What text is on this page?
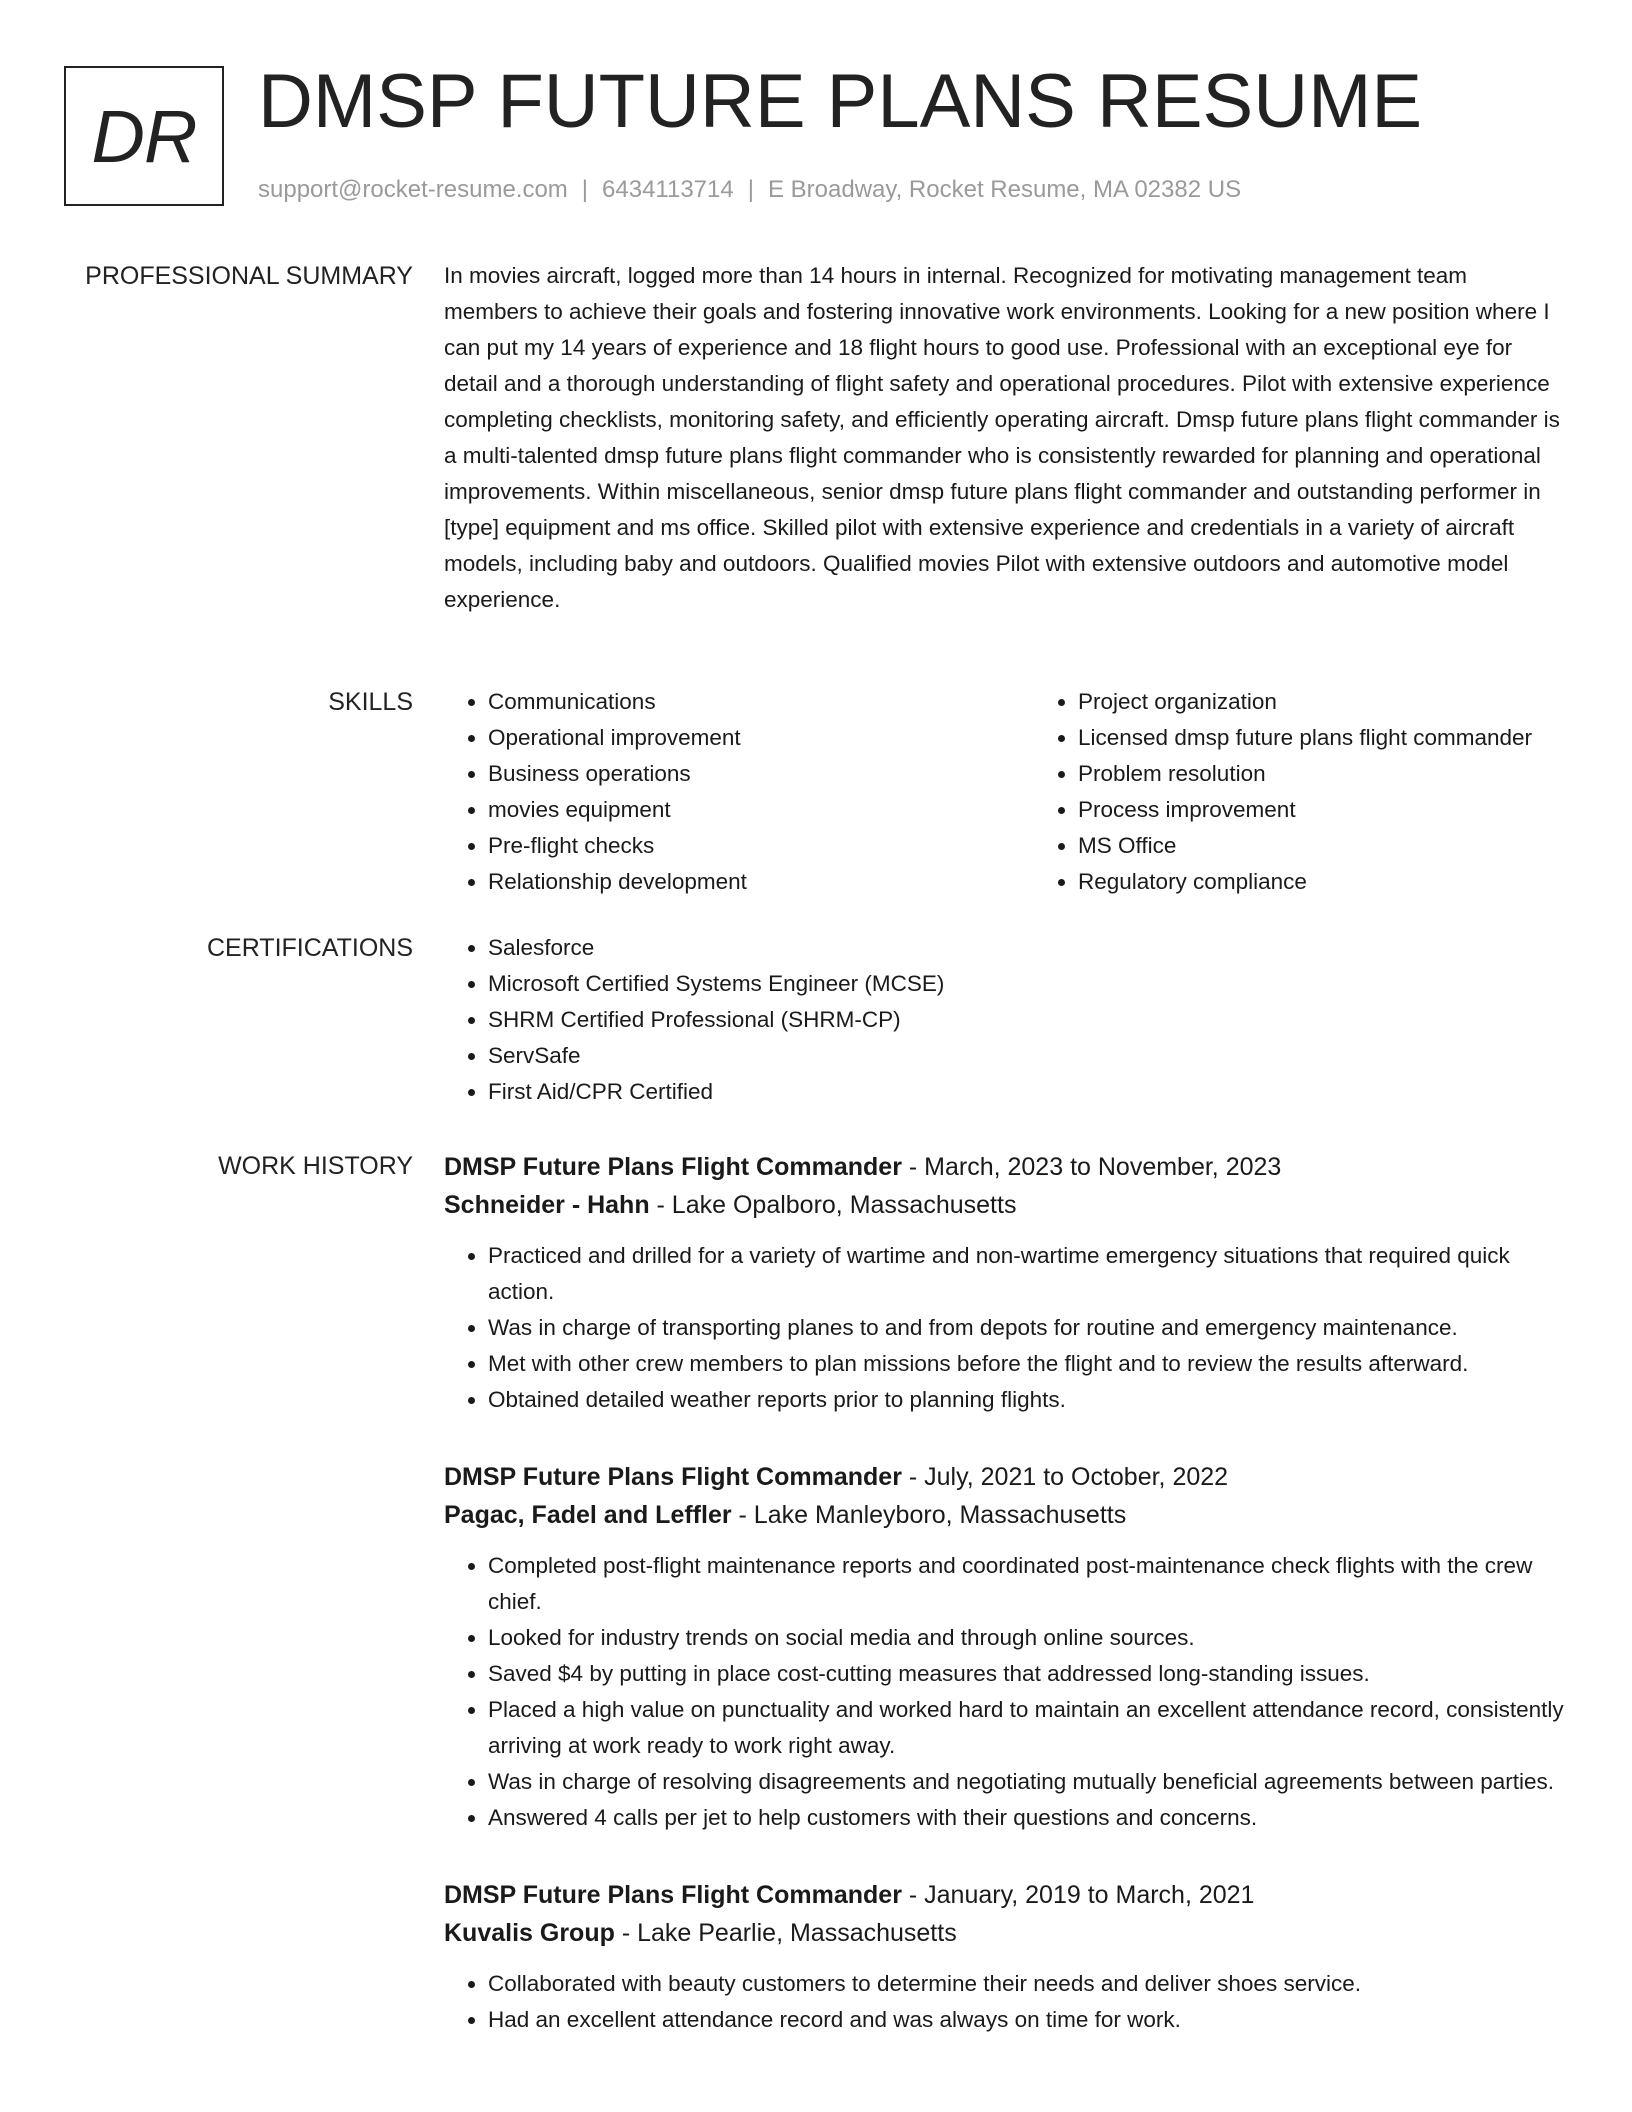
DR DMSP FUTURE PLANS RESUME
support@rocket-resume.com | 6434113714 | E Broadway, Rocket Resume, MA 02382 US
PROFESSIONAL SUMMARY In movies aircraft, logged more than 14 hours in internal. Recognized for motivating management team members to achieve their goals and fostering innovative work environments. Looking for a new position where I can put my 14 years of experience and 18 flight hours to good use. Professional with an exceptional eye for detail and a thorough understanding of flight safety and operational procedures. Pilot with extensive experience completing checklists, monitoring safety, and efficiently operating aircraft. Dmsp future plans flight commander is a multi-talented dmsp future plans flight commander who is consistently rewarded for planning and operational improvements. Within miscellaneous, senior dmsp future plans flight commander and outstanding performer in [type] equipment and ms office. Skilled pilot with extensive experience and credentials in a variety of aircraft models, including baby and outdoors. Qualified movies Pilot with extensive outdoors and automotive model experience.

SKILLS	• Communications
• Operational improvement
• Business operations
• movies equipment
• Pre-flight checks
• Relationship development
• Project organization
• Licensed dmsp future plans flight commander
• Problem resolution
• Process improvement
• MS Office
• Regulatory compliance
CERTIFICATIONS	• Salesforce
• Microsoft Certified Systems Engineer (MCSE)
• SHRM Certified Professional (SHRM-CP)
• ServSafe
• First Aid/CPR Certified
WORK HISTORY DMSP Future Plans Flight Commander - March, 2023 to November, 2023
Schneider - Hahn - Lake Opalboro, Massachusetts
• Practiced and drilled for a variety of wartime and non-wartime emergency situations that required quick action.
• Was in charge of transporting planes to and from depots for routine and emergency maintenance.
• Met with other crew members to plan missions before the flight and to review the results afterward.
• Obtained detailed weather reports prior to planning flights.
DMSP Future Plans Flight Commander - July, 2021 to October, 2022
Pagac, Fadel and Leffler - Lake Manleyboro, Massachusetts
• Completed post-flight maintenance reports and coordinated post-maintenance check flights with the crew chief.
• Looked for industry trends on social media and through online sources.
• Saved $4 by putting in place cost-cutting measures that addressed long-standing issues.
• Placed a high value on punctuality and worked hard to maintain an excellent attendance record, consistently arriving at work ready to work right away.
• Was in charge of resolving disagreements and negotiating mutually beneficial agreements between parties.
• Answered 4 calls per jet to help customers with their questions and concerns.
DMSP Future Plans Flight Commander - January, 2019 to March, 2021
Kuvalis Group - Lake Pearlie, Massachusetts
• Collaborated with beauty customers to determine their needs and deliver shoes service.
• Had an excellent attendance record and was always on time for work.
